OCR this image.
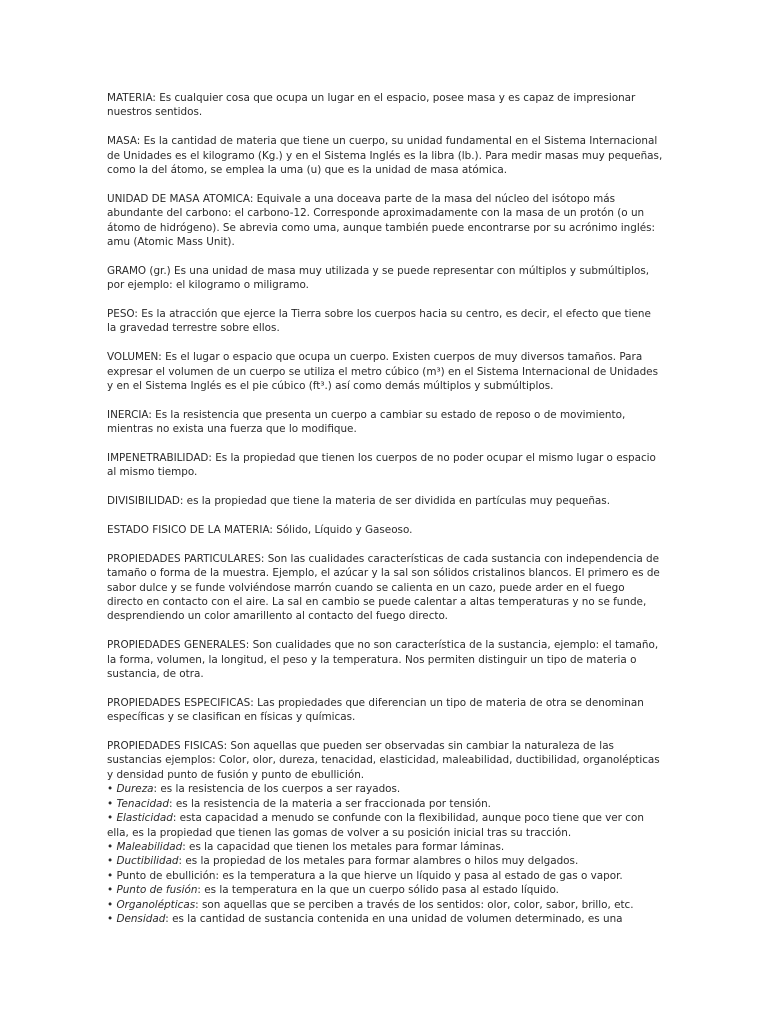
MATERIA: Es cualquier cosa que ocupa un lugar en el espacio, posee masa y es capaz de impresionar nuestros sentidos.

MASA: Es la cantidad de materia que tiene un cuerpo, su unidad fundamental en el Sistema Internacional de Unidades es el kilogramo (Kg.) y en el Sistema Inglés es la libra (lb.). Para medir masas muy pequeñas, como la del átomo, se emplea la uma (u) que es la unidad de masa atómica.

UNIDAD DE MASA ATOMICA: Equivale a una doceava parte de la masa del núcleo del isótopo más abundante del carbono: el carbono-12. Corresponde aproximadamente con la masa de un protón (o un átomo de hidrógeno). Se abrevia como uma, aunque también puede encontrarse por su acrónimo inglés: amu (Atomic Mass Unit).

GRAMO (gr.) Es una unidad de masa muy utilizada y se puede representar con múltiplos y submúltiplos, por ejemplo: el kilogramo o miligramo.

PESO: Es la atracción que ejerce la Tierra sobre los cuerpos hacia su centro, es decir, el efecto que tiene la gravedad terrestre sobre ellos.

VOLUMEN: Es el lugar o espacio que ocupa un cuerpo. Existen cuerpos de muy diversos tamaños. Para expresar el volumen de un cuerpo se utiliza el metro cúbico (m³) en el Sistema Internacional de Unidades y en el Sistema Inglés es el pie cúbico (ft³.) así como demás múltiplos y submúltiplos.

INERCIA: Es la resistencia que presenta un cuerpo a cambiar su estado de reposo o de movimiento, mientras no exista una fuerza que lo modifique.

IMPENETRABILIDAD: Es la propiedad que tienen los cuerpos de no poder ocupar el mismo lugar o espacio al mismo tiempo.

DIVISIBILIDAD: es la propiedad que tiene la materia de ser dividida en partículas muy pequeñas.

ESTADO FISICO DE LA MATERIA: Sólido, Líquido y Gaseoso.

PROPIEDADES PARTICULARES: Son las cualidades características de cada sustancia con independencia de tamaño o forma de la muestra. Ejemplo, el azúcar y la sal son sólidos cristalinos blancos. El primero es de sabor dulce y se funde volviéndose marrón cuando se calienta en un cazo, puede arder en el fuego directo en contacto con el aire. La sal en cambio se puede calentar a altas temperaturas y no se funde, desprendiendo un color amarillento al contacto del fuego directo.

PROPIEDADES GENERALES: Son cualidades que no son característica de la sustancia, ejemplo: el tamaño, la forma, volumen, la longitud, el peso y la temperatura. Nos permiten distinguir un tipo de materia o sustancia, de otra.

PROPIEDADES ESPECIFICAS: Las propiedades que diferencian un tipo de materia de otra se denominan específicas y se clasifican en físicas y químicas.

PROPIEDADES FISICAS: Son aquellas que pueden ser observadas sin cambiar la naturaleza de las sustancias ejemplos: Color, olor, dureza, tenacidad, elasticidad, maleabilidad, ductibilidad, organolépticas y densidad punto de fusión y punto de ebullición.

• Dureza: es la resistencia de los cuerpos a ser rayados.
• Tenacidad: es la resistencia de la materia a ser fraccionada por tensión.
• Elasticidad: esta capacidad a menudo se confunde con la flexibilidad, aunque poco tiene que ver con ella, es la propiedad que tienen las gomas de volver a su posición inicial tras su tracción.
• Maleabilidad: es la capacidad que tienen los metales para formar láminas.
• Ductibilidad: es la propiedad de los metales para formar alambres o hilos muy delgados.
• Punto de ebullición: es la temperatura a la que hierve un líquido y pasa al estado de gas o vapor.
• Punto de fusión: es la temperatura en la que un cuerpo sólido pasa al estado líquido.
• Organolépticas: son aquellas que se perciben a través de los sentidos: olor, color, sabor, brillo, etc.
• Densidad: es la cantidad de sustancia contenida en una unidad de volumen determinado, es una
